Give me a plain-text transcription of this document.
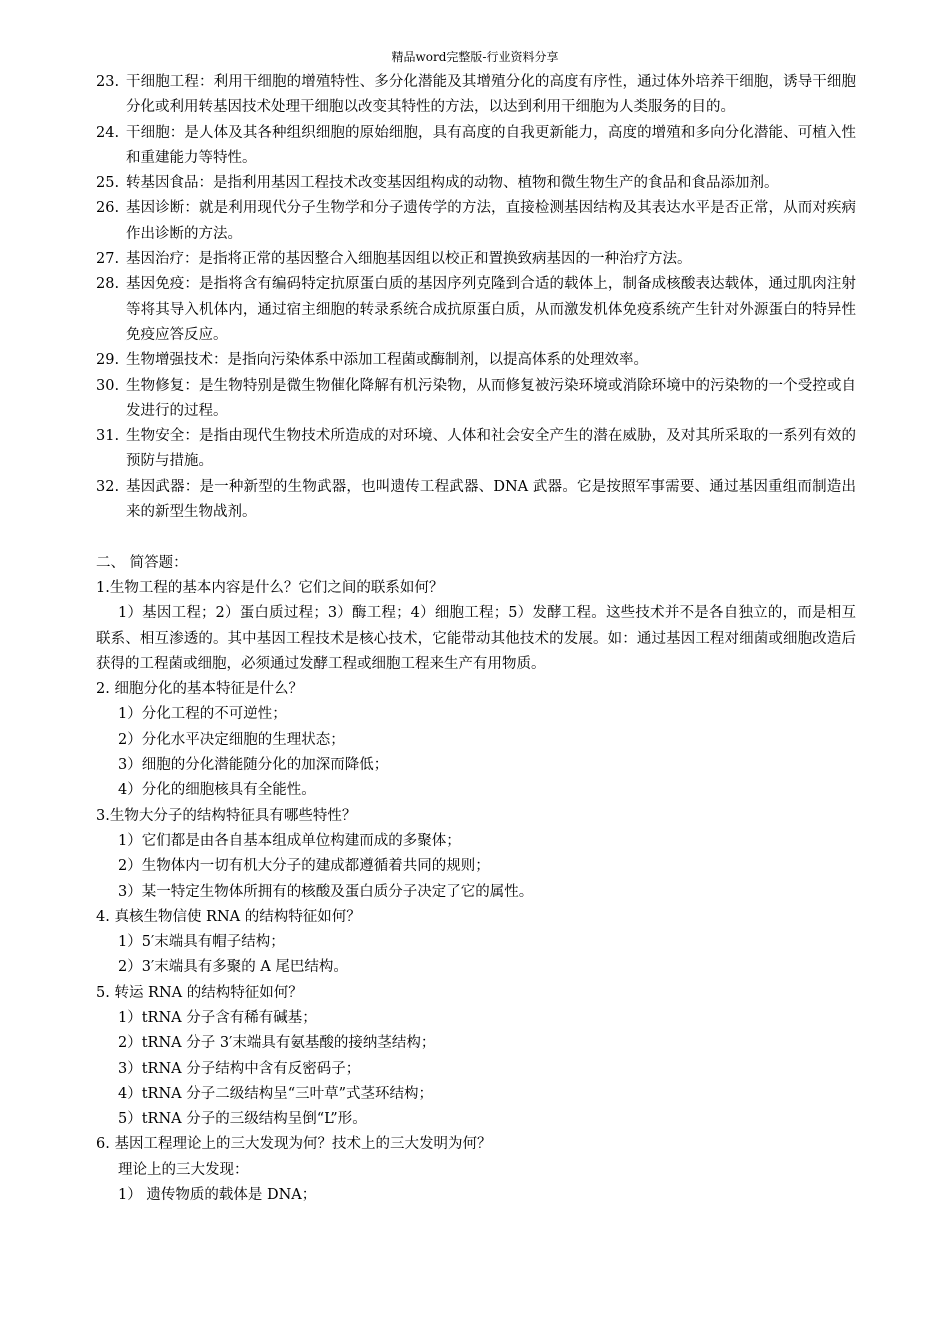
精品word完整版-行业资料分享
23. 干细胞工程：利用干细胞的增殖特性、多分化潜能及其增殖分化的高度有序性，通过体外培养干细胞，诱导干细胞分化或利用转基因技术处理干细胞以改变其特性的方法，以达到利用干细胞为人类服务的目的。
24. 干细胞：是人体及其各种组织细胞的原始细胞，具有高度的自我更新能力，高度的增殖和多向分化潜能、可植入性和重建能力等特性。
25. 转基因食品：是指利用基因工程技术改变基因组构成的动物、植物和微生物生产的食品和食品添加剂。
26. 基因诊断：就是利用现代分子生物学和分子遗传学的方法，直接检测基因结构及其表达水平是否正常，从而对疾病作出诊断的方法。
27. 基因治疗：是指将正常的基因整合入细胞基因组以校正和置换致病基因的一种治疗方法。
28. 基因免疫：是指将含有编码特定抗原蛋白质的基因序列克隆到合适的载体上，制备成核酸表达载体，通过肌肉注射等将其导入机体内，通过宿主细胞的转录系统合成抗原蛋白质，从而激发机体免疫系统产生针对外源蛋白的特异性免疫应答反应。
29. 生物增强技术：是指向污染体系中添加工程菌或酶制剂，以提高体系的处理效率。
30. 生物修复：是生物特别是微生物催化降解有机污染物，从而修复被污染环境或消除环境中的污染物的一个受控或自发进行的过程。
31. 生物安全：是指由现代生物技术所造成的对环境、人体和社会安全产生的潜在威胁，及对其所采取的一系列有效的预防与措施。
32. 基因武器：是一种新型的生物武器，也叫遗传工程武器、DNA 武器。它是按照军事需要、通过基因重组而制造出来的新型生物战剂。

二、 简答题：

1.生物工程的基本内容是什么？它们之间的联系如何？

1）基因工程；2）蛋白质过程；3）酶工程；4）细胞工程；5）发酵工程。这些技术并不是各自独立的，而是相互联系、相互渗透的。其中基因工程技术是核心技术，它能带动其他技术的发展。如：通过基因工程对细菌或细胞改造后获得的工程菌或细胞，必须通过发酵工程或细胞工程来生产有用物质。

2. 细胞分化的基本特征是什么？

1）分化工程的不可逆性；
2）分化水平决定细胞的生理状态；
3）细胞的分化潜能随分化的加深而降低；
4）分化的细胞核具有全能性。

3.生物大分子的结构特征具有哪些特性？

1）它们都是由各自基本组成单位构建而成的多聚体；
2）生物体内一切有机大分子的建成都遵循着共同的规则；
3）某一特定生物体所拥有的核酸及蛋白质分子决定了它的属性。

4. 真核生物信使 RNA 的结构特征如何？

1）5′末端具有帽子结构；
2）3′末端具有多聚的 A 尾巴结构。

5. 转运 RNA 的结构特征如何？

1）tRNA 分子含有稀有碱基；
2）tRNA 分子 3′末端具有氨基酸的接纳茎结构；
3）tRNA 分子结构中含有反密码子；
4）tRNA 分子二级结构呈“三叶草”式茎环结构；
5）tRNA 分子的三级结构呈倒“L”形。

6. 基因工程理论上的三大发现为何？技术上的三大发明为何？

理论上的三大发现：

1） 遗传物质的载体是 DNA；
